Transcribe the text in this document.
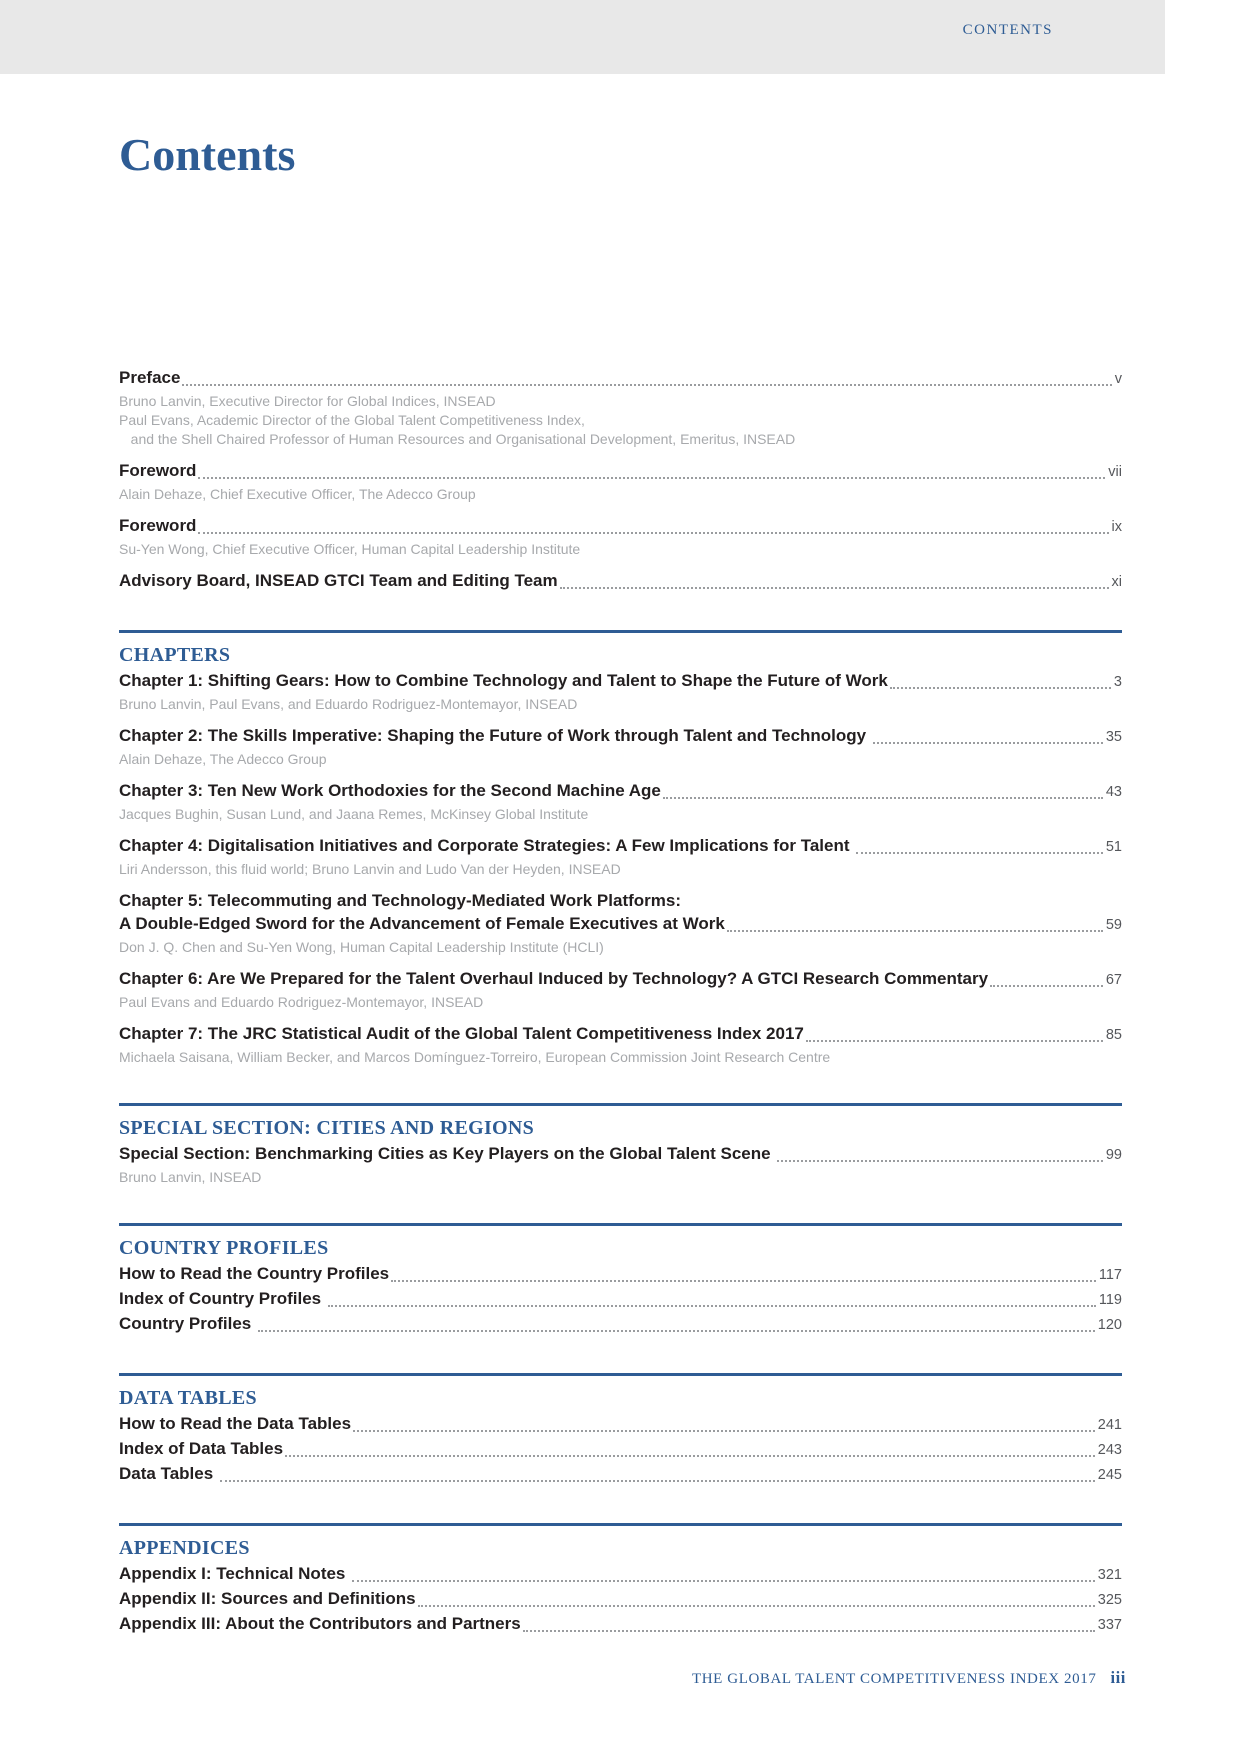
CONTENTS
Contents
Preface	v
Bruno Lanvin, Executive Director for Global Indices, INSEAD
Paul Evans, Academic Director of the Global Talent Competitiveness Index,
and the Shell Chaired Professor of Human Resources and Organisational Development, Emeritus, INSEAD
Foreword	vii
Alain Dehaze, Chief Executive Officer, The Adecco Group
Foreword	ix
Su-Yen Wong, Chief Executive Officer, Human Capital Leadership Institute
Advisory Board, INSEAD GTCI Team and Editing Team	xi
CHAPTERS
Chapter 1: Shifting Gears: How to Combine Technology and Talent to Shape the Future of Work	3
Bruno Lanvin, Paul Evans, and Eduardo Rodriguez-Montemayor, INSEAD
Chapter 2: The Skills Imperative: Shaping the Future of Work through Talent and Technology	35
Alain Dehaze, The Adecco Group
Chapter 3: Ten New Work Orthodoxies for the Second Machine Age	43
Jacques Bughin, Susan Lund, and Jaana Remes, McKinsey Global Institute
Chapter 4: Digitalisation Initiatives and Corporate Strategies: A Few Implications for Talent	51
Liri Andersson, this fluid world; Bruno Lanvin and Ludo Van der Heyden, INSEAD
Chapter 5: Telecommuting and Technology-Mediated Work Platforms:
A Double-Edged Sword for the Advancement of Female Executives at Work	59
Don J. Q. Chen and Su-Yen Wong, Human Capital Leadership Institute (HCLI)
Chapter 6: Are We Prepared for the Talent Overhaul Induced by Technology? A GTCI Research Commentary	67
Paul Evans and Eduardo Rodriguez-Montemayor, INSEAD
Chapter 7: The JRC Statistical Audit of the Global Talent Competitiveness Index 2017	85
Michaela Saisana, William Becker, and Marcos Domínguez-Torreiro, European Commission Joint Research Centre
SPECIAL SECTION: CITIES AND REGIONS
Special Section: Benchmarking Cities as Key Players on the Global Talent Scene	99
Bruno Lanvin, INSEAD
COUNTRY PROFILES
How to Read the Country Profiles	117
Index of Country Profiles	119
Country Profiles	120
DATA TABLES
How to Read the Data Tables	241
Index of Data Tables	243
Data Tables	245
APPENDICES
Appendix I: Technical Notes	321
Appendix II: Sources and Definitions	325
Appendix III: About the Contributors and Partners	337
THE GLOBAL TALENT COMPETITIVENESS INDEX 2017 iii
